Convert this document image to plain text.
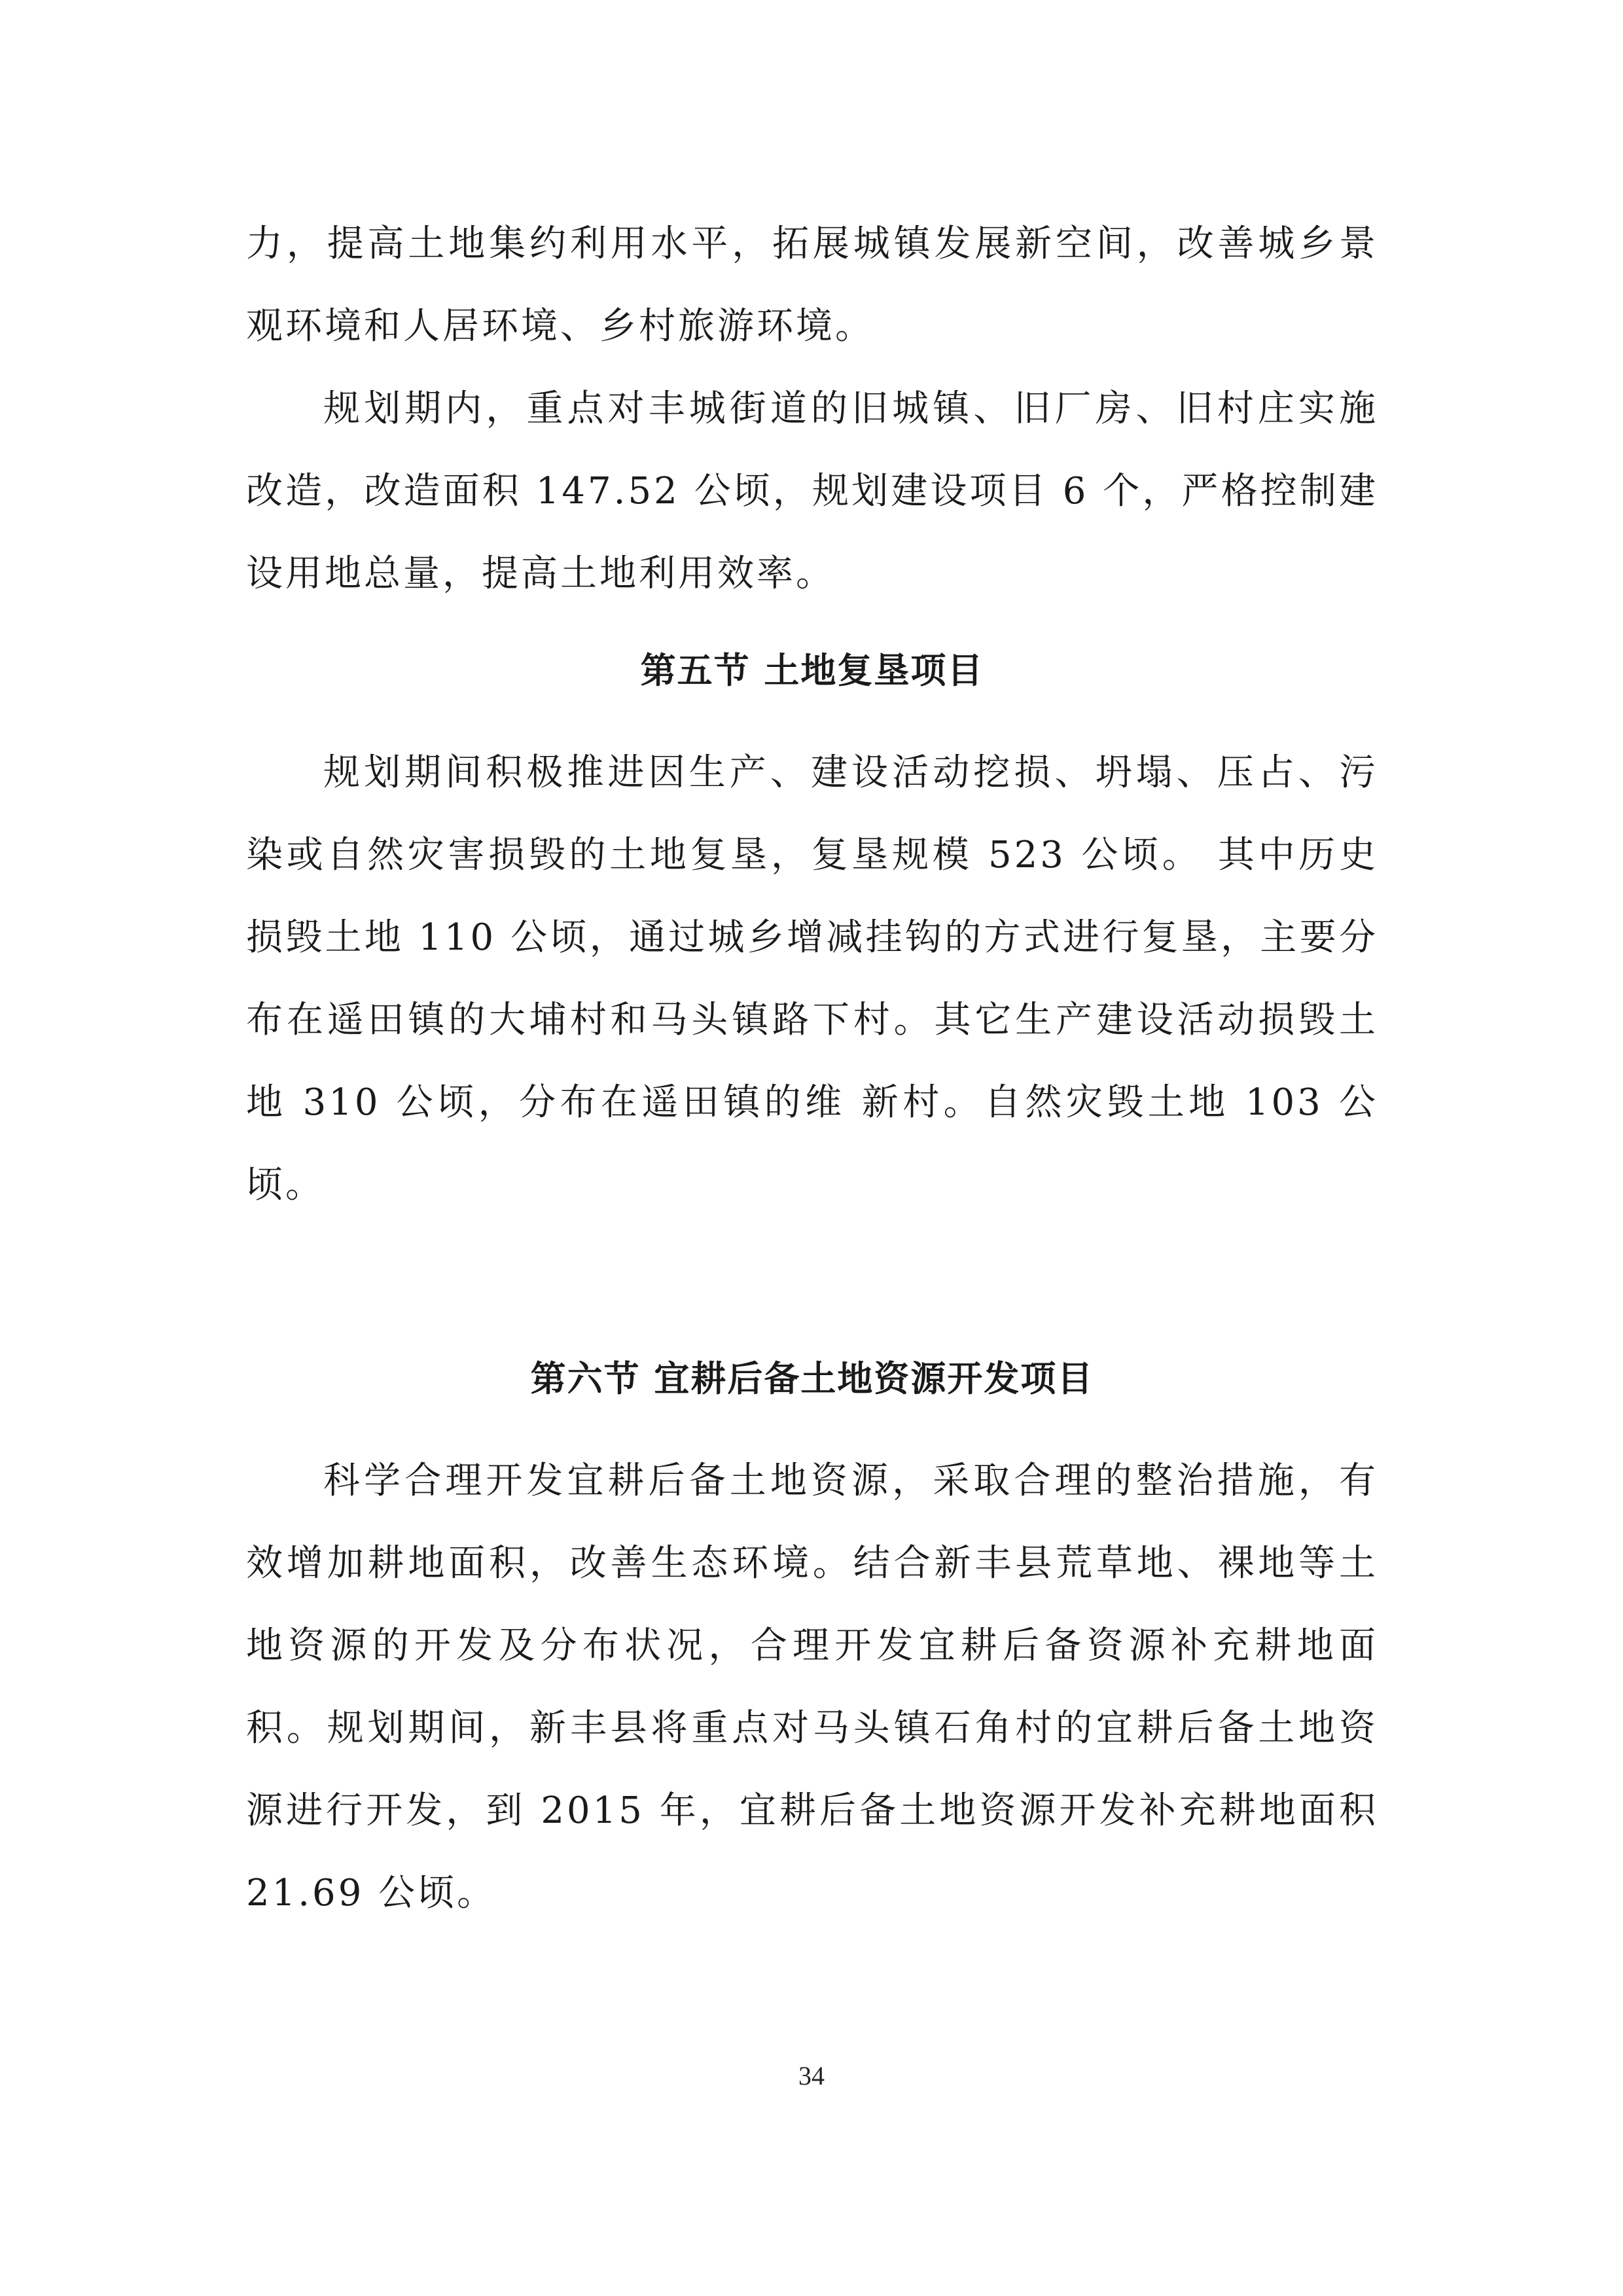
力，提高土地集约利用水平，拓展城镇发展新空间，改善城乡景观环境和人居环境、乡村旅游环境。

规划期内，重点对丰城街道的旧城镇、旧厂房、旧村庄实施改造，改造面积 147.52 公顷，规划建设项目 6 个，严格控制建设用地总量，提高土地利用效率。

第五节 土地复垦项目

规划期间积极推进因生产、建设活动挖损、坍塌、压占、污染或自然灾害损毁的土地复垦，复垦规模 523 公顷。 其中历史损毁土地 110 公顷，通过城乡增减挂钩的方式进行复垦，主要分布在遥田镇的大埔村和马头镇路下村。其它生产建设活动损毁土地 310 公顷，分布在遥田镇的维 新村。自然灾毁土地 103 公顷。

第六节 宜耕后备土地资源开发项目

科学合理开发宜耕后备土地资源，采取合理的整治措施，有效增加耕地面积，改善生态环境。结合新丰县荒草地、裸地等土地资源的开发及分布状况，合理开发宜耕后备资源补充耕地面积。规划期间，新丰县将重点对马头镇石角村的宜耕后备土地资源进行开发，到 2015 年，宜耕后备土地资源开发补充耕地面积 21.69 公顷。

34
